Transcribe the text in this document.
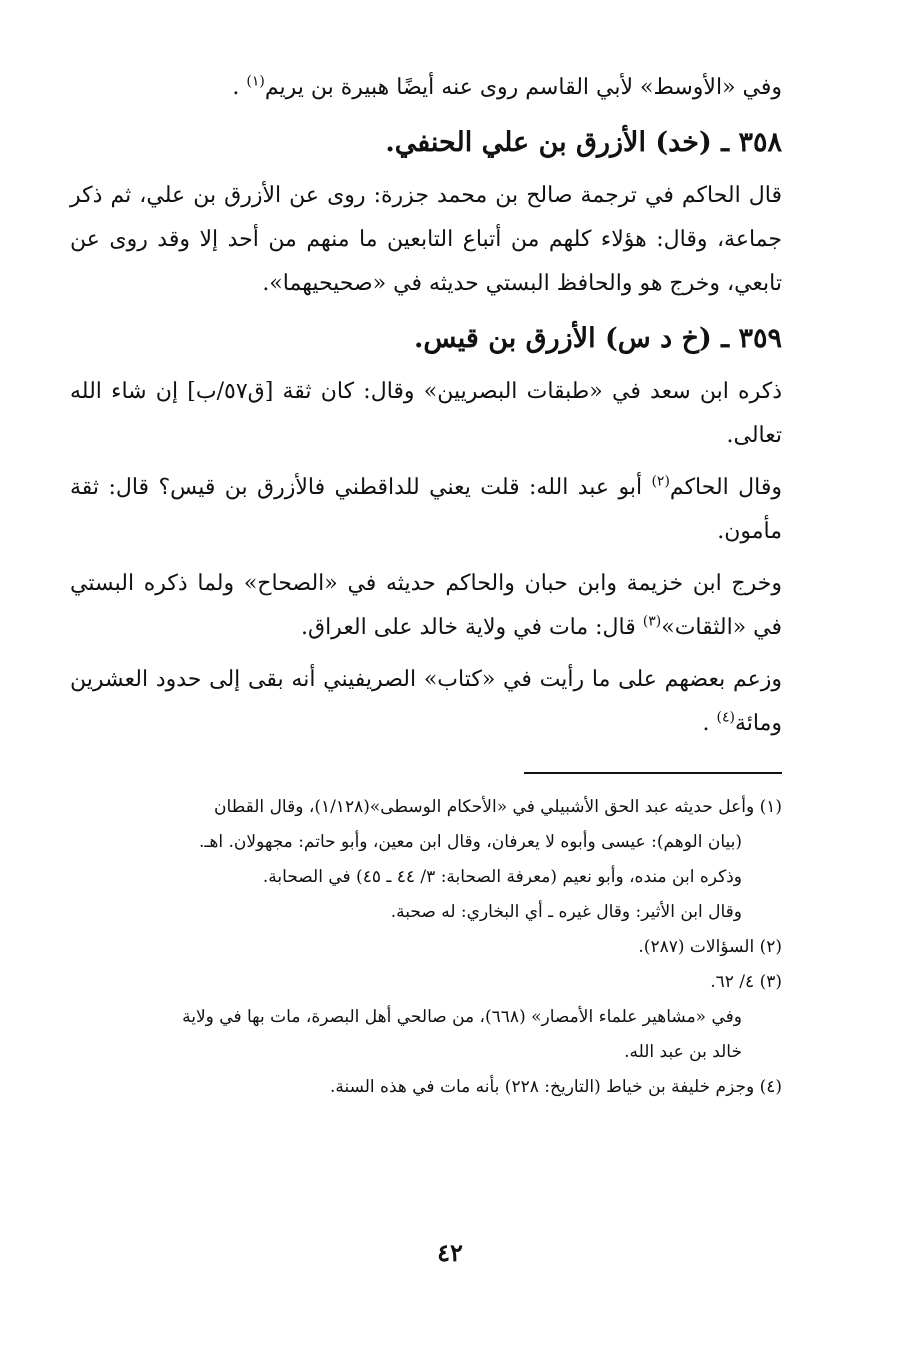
وفي «الأوسط» لأبي القاسم روى عنه أيضًا هبيرة بن يريم$^{(١)}$ .

٣٥٨ ـ (خد) الأزرق بن علي الحنفي.

قال الحاكم في ترجمة صالح بن محمد جزرة: روى عن الأزرق بن علي، ثم ذكر جماعة، وقال: هؤلاء كلهم من أتباع التابعين ما منهم من أحد إلا وقد روى عن تابعي، وخرج هو والحافظ البستي حديثه في «صحيحيهما».

٣٥٩ ـ (خ د س) الأزرق بن قيس.

ذكره ابن سعد في «طبقات البصريين» وقال: كان ثقة [ق٥٧/ب] إن شاء الله تعالى.

وقال الحاكم$^{(٢)}$ أبو عبد الله: قلت يعني للداقطني فالأزرق بن قيس؟ قال: ثقة مأمون.

وخرج ابن خزيمة وابن حبان والحاكم حديثه في «الصحاح» ولما ذكره البستي في «الثقات»$^{(٣)}$ قال: مات في ولاية خالد على العراق.

وزعم بعضهم على ما رأيت في «كتاب» الصريفيني أنه بقى إلى حدود العشرين ومائة$^{(٤)}$ .

(١) وأعل حديثه عبد الحق الأشبيلي في «الأحكام الوسطى»(١/١٢٨)، وقال القطان

(بيان الوهم): عيسى وأبوه لا يعرفان، وقال ابن معين، وأبو حاتم: مجهولان. اهـ.

وذكره ابن منده، وأبو نعيم (معرفة الصحابة: ٣/ ٤٤ ـ ٤٥) في الصحابة.

وقال ابن الأثير: وقال غيره ـ أي البخاري: له صحبة.

(٢) السؤالات (٢٨٧).

(٣) ٤/ ٦٢.

وفي «مشاهير علماء الأمصار» (٦٦٨)، من صالحي أهل البصرة، مات بها في ولاية

خالد بن عبد الله.

(٤) وجزم خليفة بن خياط (التاريخ: ٢٢٨) بأنه مات في هذه السنة.

٤٢
